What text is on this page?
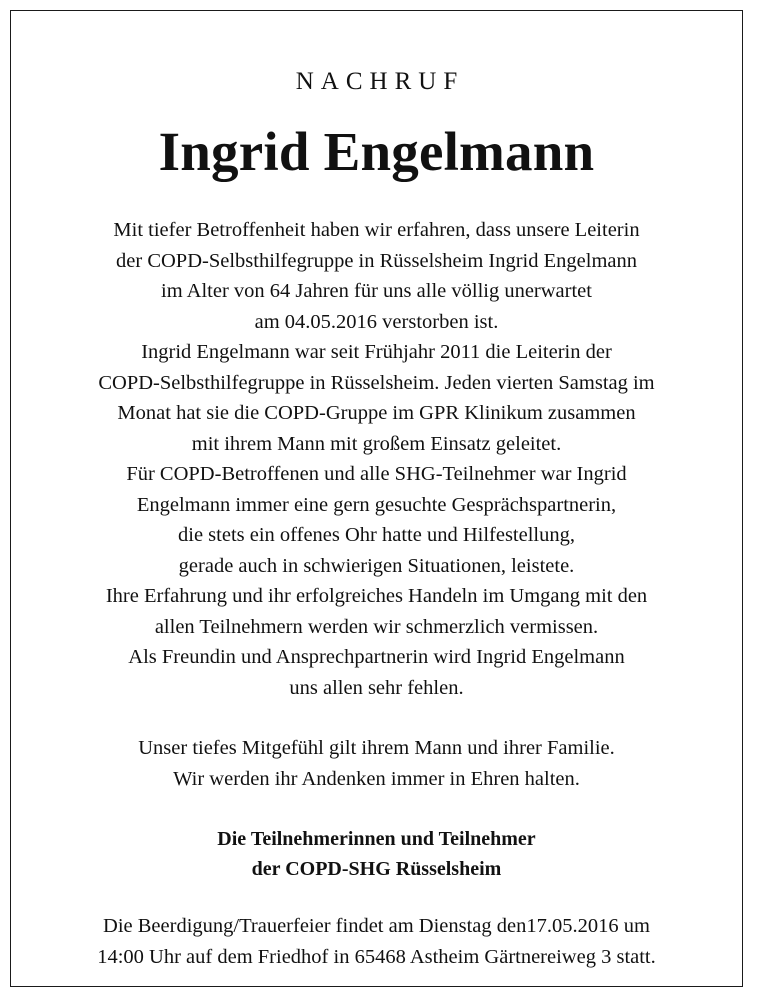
NACHRUF
Ingrid Engelmann
Mit tiefer Betroffenheit haben wir erfahren, dass unsere Leiterin
der COPD-Selbsthilfegruppe in Rüsselsheim Ingrid Engelmann
im Alter von 64 Jahren für uns alle völlig unerwartet
am 04.05.2016 verstorben ist.
Ingrid Engelmann war seit Frühjahr 2011 die Leiterin der
COPD-Selbsthilfegruppe in Rüsselsheim. Jeden vierten Samstag im
Monat hat sie die COPD-Gruppe im GPR Klinikum zusammen
mit ihrem Mann mit großem Einsatz geleitet.
Für COPD-Betroffenen und alle SHG-Teilnehmer war Ingrid
Engelmann immer eine gern gesuchte Gesprächspartnerin,
die stets ein offenes Ohr hatte und Hilfestellung,
gerade auch in schwierigen Situationen, leistete.
Ihre Erfahrung und ihr erfolgreiches Handeln im Umgang mit den
allen Teilnehmern werden wir schmerzlich vermissen.
Als Freundin und Ansprechpartnerin wird Ingrid Engelmann
uns allen sehr fehlen.
Unser tiefes Mitgefühl gilt ihrem Mann und ihrer Familie.
Wir werden ihr Andenken immer in Ehren halten.
Die Teilnehmerinnen und Teilnehmer
der COPD-SHG Rüsselsheim
Die Beerdigung/Trauerfeier findet am Dienstag den17.05.2016 um
14:00 Uhr auf dem Friedhof in 65468 Astheim Gärtnereiweg 3 statt.
